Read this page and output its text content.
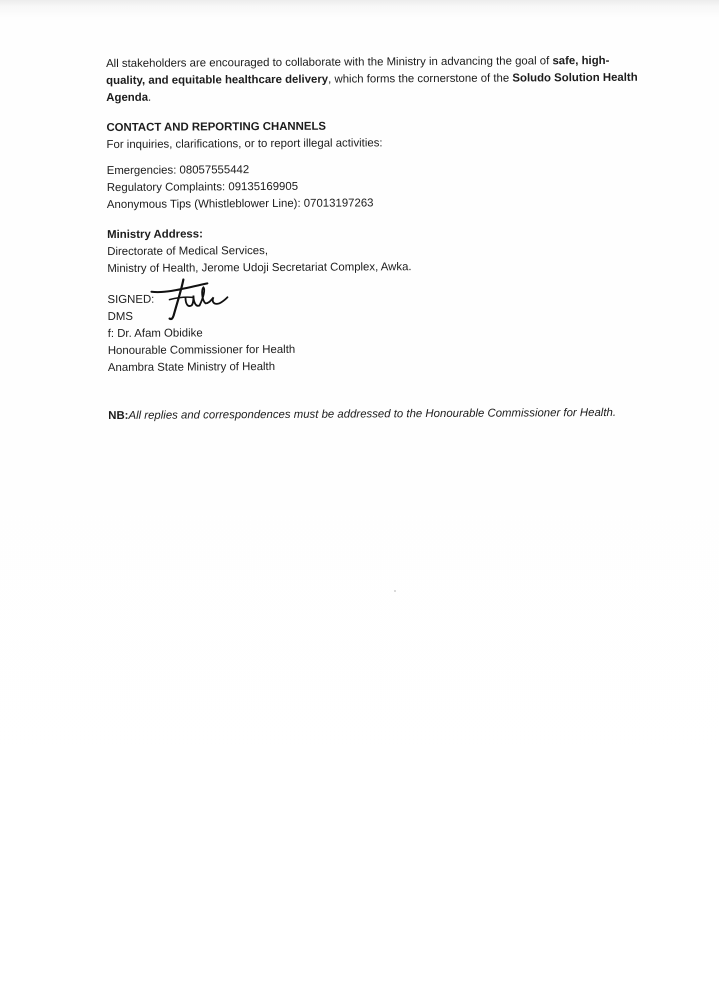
All stakeholders are encouraged to collaborate with the Ministry in advancing the goal of safe, high-quality, and equitable healthcare delivery, which forms the cornerstone of the Soludo Solution Health Agenda.

CONTACT AND REPORTING CHANNELS

For inquiries, clarifications, or to report illegal activities:
Emergencies: 08057555442
Regulatory Complaints: 09135169905
Anonymous Tips (Whistleblower Line): 07013197263

Ministry Address:

Directorate of Medical Services,
Ministry of Health, Jerome Udoji Secretariat Complex, Awka.
SIGNED:
DMS
f: Dr. Afam Obidike
Honourable Commissioner for Health
Anambra State Ministry of Health

NB:All replies and correspondences must be addressed to the Honourable Commissioner for Health.
